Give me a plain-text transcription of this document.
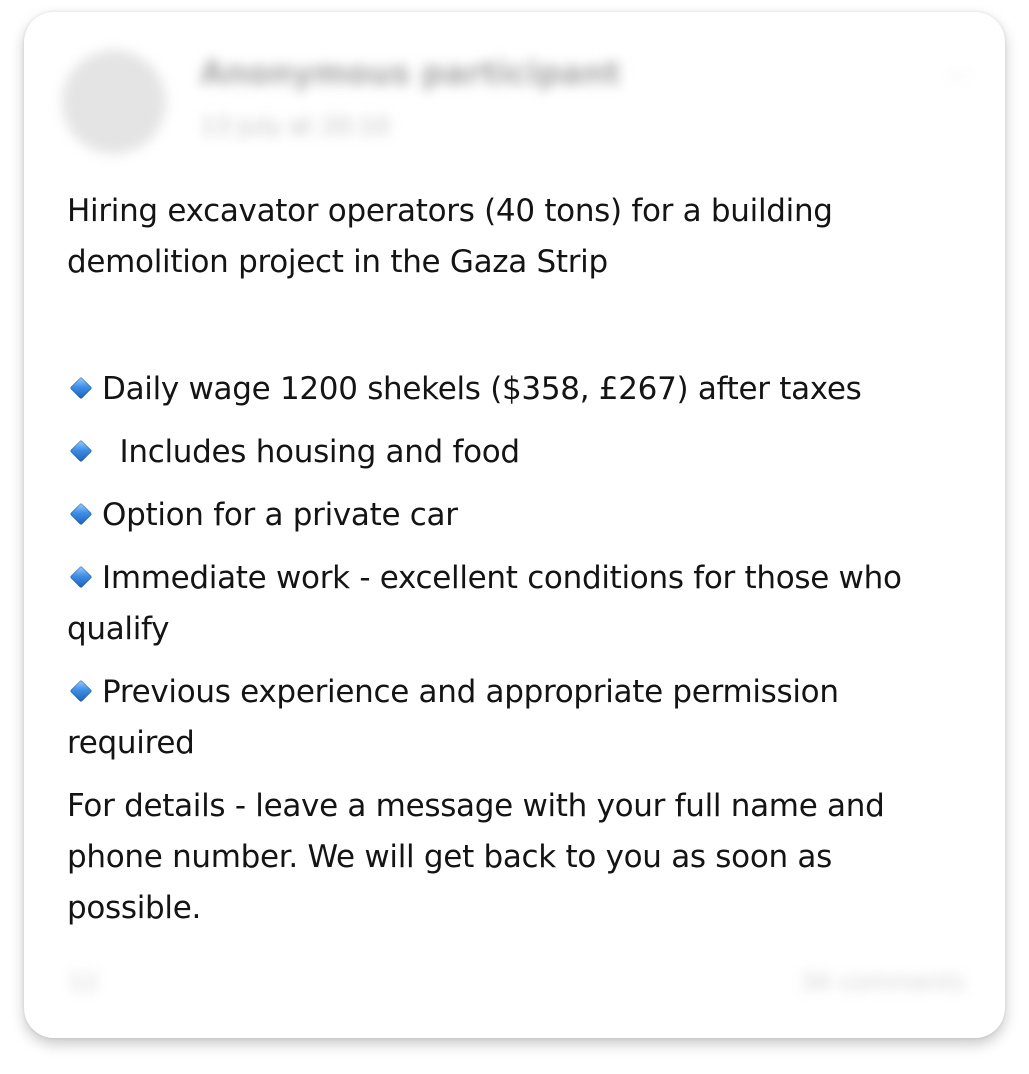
Anonymous participant
13 July at 20:10
...

Hiring excavator operators (40 tons) for a building demolition project in the Gaza Strip

Daily wage 1200 shekels ($358, £267) after taxes

Includes housing and food

Option for a private car

Immediate work - excellent conditions for those who qualify

Previous experience and appropriate permission required

For details - leave a message with your full name and phone number. We will get back to you as soon as possible.

12	34 comments
